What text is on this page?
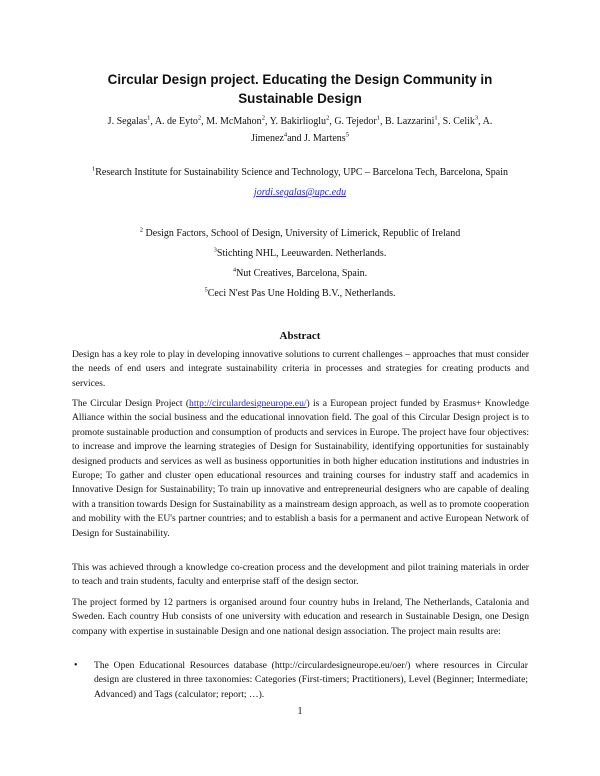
Circular Design project. Educating the Design Community in
Sustainable Design
J. Segalas$^1$, A. de Eyto$^2$, M. McMahon$^2$, Y. Bakirlioglu$^2$, G. Tejedor$^1$, B. Lazzarini$^1$, S. Celik$^3$, A.
Jimenez$^4$and J. Martens$^5$
$^1$Research Institute for Sustainability Science and Technology, UPC – Barcelona Tech, Barcelona, Spain
jordi.segalas@upc.edu
$^2$ Design Factors, School of Design, University of Limerick, Republic of Ireland
$^3$Stichting NHL, Leeuwarden. Netherlands.
$^4$Nut Creatives, Barcelona, Spain.
$^5$Ceci N'est Pas Une Holding B.V., Netherlands.
Abstract
Design has a key role to play in developing innovative solutions to current challenges – approaches that must consider the needs of end users and integrate sustainability criteria in processes and strategies for creating products and services.
The Circular Design Project (http://circulardesigneurope.eu/) is a European project funded by Erasmus+ Knowledge Alliance within the social business and the educational innovation field. The goal of this Circular Design project is to promote sustainable production and consumption of products and services in Europe. The project have four objectives: to increase and improve the learning strategies of Design for Sustainability, identifying opportunities for sustainably designed products and services as well as business opportunities in both higher education institutions and industries in Europe; To gather and cluster open educational resources and training courses for industry staff and academics in Innovative Design for Sustainability; To train up innovative and entrepreneurial designers who are capable of dealing with a transition towards Design for Sustainability as a mainstream design approach, as well as to promote cooperation and mobility with the EU's partner countries; and to establish a basis for a permanent and active European Network of Design for Sustainability.
This was achieved through a knowledge co-creation process and the development and pilot training materials in order to teach and train students, faculty and enterprise staff of the design sector.
The project formed by 12 partners is organised around four country hubs in Ireland, The Netherlands, Catalonia and Sweden. Each country Hub consists of one university with education and research in Sustainable Design, one Design company with expertise in sustainable Design and one national design association. The project main results are:
• The Open Educational Resources database (http://circulardesigneurope.eu/oer/) where resources in Circular design are clustered in three taxonomies: Categories (First-timers; Practitioners), Level (Beginner; Intermediate; Advanced) and Tags (calculator; report; …).
1
